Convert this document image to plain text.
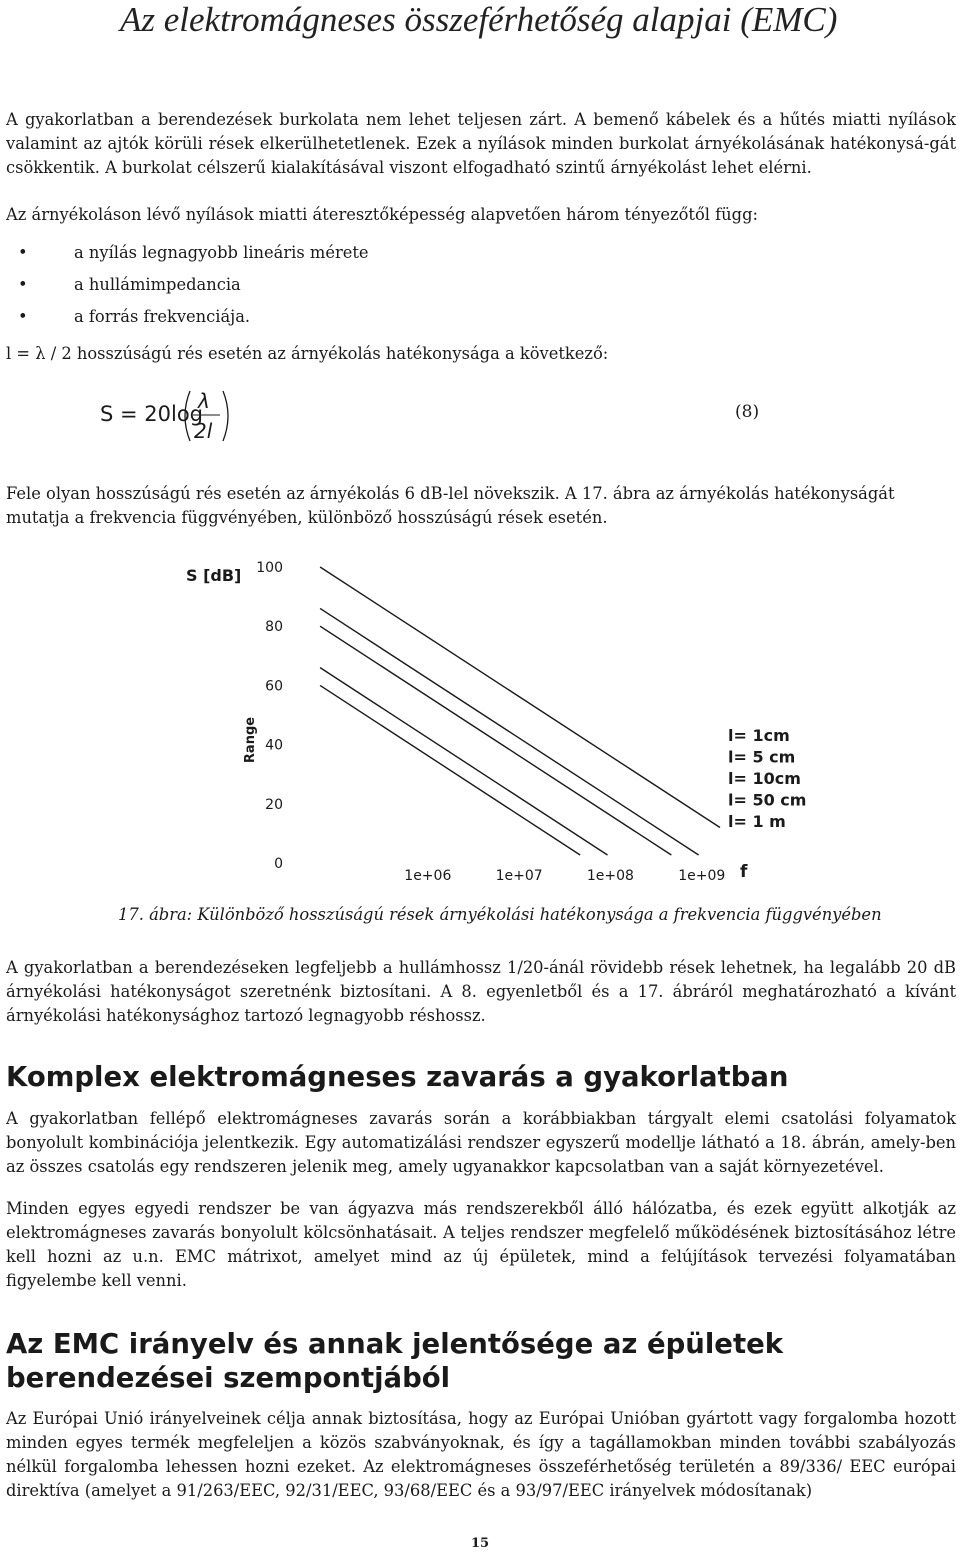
Az elektromágneses összeférhetőség alapjai (EMC)
A gyakorlatban a berendezések burkolata nem lehet teljesen zárt. A bemenő kábelek és a hűtés miatti nyílások valamint az ajtók körüli rések elkerülhetetlenek. Ezek a nyílások minden burkolat árnyékolásának hatékonysá-gát csökkentik. A burkolat célszerű kialakításával viszont elfogadható szintű árnyékolást lehet elérni.
Az árnyékoláson lévő nyílások miatti áteresztőképesség alapvetően három tényezőtől függ:
•	a nyílás legnagyobb lineáris mérete
•	a hullámimpedancia
•	a forrás frekvenciája.
l = λ / 2 hosszúságú rés esetén az árnyékolás hatékonysága a következő:
S = 20log
λ
2l
(8)
Fele olyan hosszúságú rés esetén az árnyékolás 6 dB-lel növekszik. A 17. ábra az árnyékolás hatékonyságát mutatja a frekvencia függvényében, különböző hosszúságú rések esetén.
100
80
60
40
20
0
1e+06	1e+07	1e+08	1e+09
l= 1cm
l= 5 cm
l= 10cm
l= 50 cm
l= 1 m
S [dB]
Range
f
17. ábra: Különböző hosszúságú rések árnyékolási hatékonysága a frekvencia függvényében
A gyakorlatban a berendezéseken legfeljebb a hullámhossz 1/20-ánál rövidebb rések lehetnek, ha legalább 20 dB árnyékolási hatékonyságot szeretnénk biztosítani. A 8. egyenletből és a 17. ábráról meghatározható a kívánt árnyékolási hatékonysághoz tartozó legnagyobb réshossz.
Komplex elektromágneses zavarás a gyakorlatban
A gyakorlatban fellépő elektromágneses zavarás során a korábbiakban tárgyalt elemi csatolási folyamatok bonyolult kombinációja jelentkezik. Egy automatizálási rendszer egyszerű modellje látható a 18. ábrán, amely-ben az összes csatolás egy rendszeren jelenik meg, amely ugyanakkor kapcsolatban van a saját környezetével.
Minden egyes egyedi rendszer be van ágyazva más rendszerekből álló hálózatba, és ezek együtt alkotják az elektromágneses zavarás bonyolult kölcsönhatásait. A teljes rendszer megfelelő működésének biztosításához létre kell hozni az u.n. EMC mátrixot, amelyet mind az új épületek, mind a felújítások tervezési folyamatában figyelembe kell venni.
Az EMC irányelv és annak jelentősége az épületek berendezései szempontjából
Az Európai Unió irányelveinek célja annak biztosítása, hogy az Európai Unióban gyártott vagy forgalomba hozott minden egyes termék megfeleljen a közös szabványoknak, és így a tagállamokban minden további szabályozás nélkül forgalomba lehessen hozni ezeket. Az elektromágneses összeférhetőség területén a 89/336/ EEC európai direktíva (amelyet a 91/263/EEC, 92/31/EEC, 93/68/EEC és a 93/97/EEC irányelvek módosítanak)
15
